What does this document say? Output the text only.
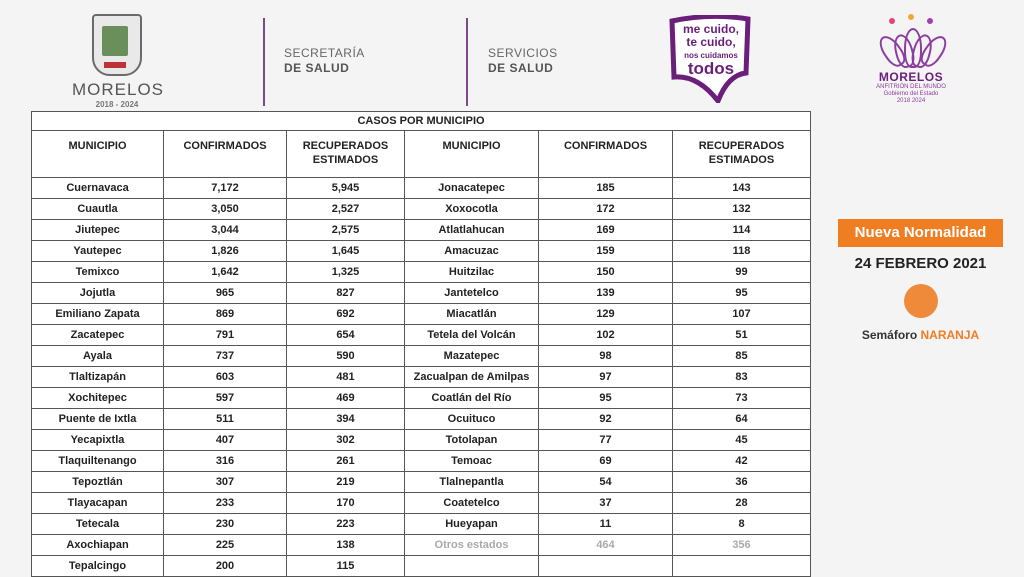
MORELOS
2018 - 2024
SECRETARÍA
DE SALUD
SERVICIOS
DE SALUD
me cuido,
te cuido,
nos cuidamos
todos	MORELOS
ANFITRIÓN DEL MUNDO
Gobierno del Estado
2018 2024
CASOS POR MUNICIPIO					
MUNICIPIO	CONFIRMADOS	RECUPERADOS ESTIMADOS	MUNICIPIO	CONFIRMADOS	RECUPERADOS ESTIMADOS
Cuernavaca	7,172	5,945	Jonacatepec	185	143
Cuautla	3,050	2,527	Xoxocotla	172	132
Jiutepec	3,044	2,575	Atlatlahucan	169	114
Yautepec	1,826	1,645	Amacuzac	159	118
Temixco	1,642	1,325	Huitzilac	150	99
Jojutla	965	827	Jantetelco	139	95
Emiliano Zapata	869	692	Miacatlán	129	107
Zacatepec	791	654	Tetela del Volcán	102	51
Ayala	737	590	Mazatepec	98	85
Tlaltizapán	603	481	Zacualpan de Amilpas	97	83
Xochitepec	597	469	Coatlán del Río	95	73
Puente de Ixtla	511	394	Ocuituco	92	64
Yecapixtla	407	302	Totolapan	77	45
Tlaquiltenango	316	261	Temoac	69	42
Tepoztlán	307	219	Tlalnepantla	54	36
Tlayacapan	233	170	Coatetelco	37	28
Tetecala	230	223	Hueyapan	11	8
Axochiapan	225	138	Otros estados	464	356
Tepalcingo	200	115			
Nueva Normalidad
24 FEBRERO 2021
Semáforo NARANJA
